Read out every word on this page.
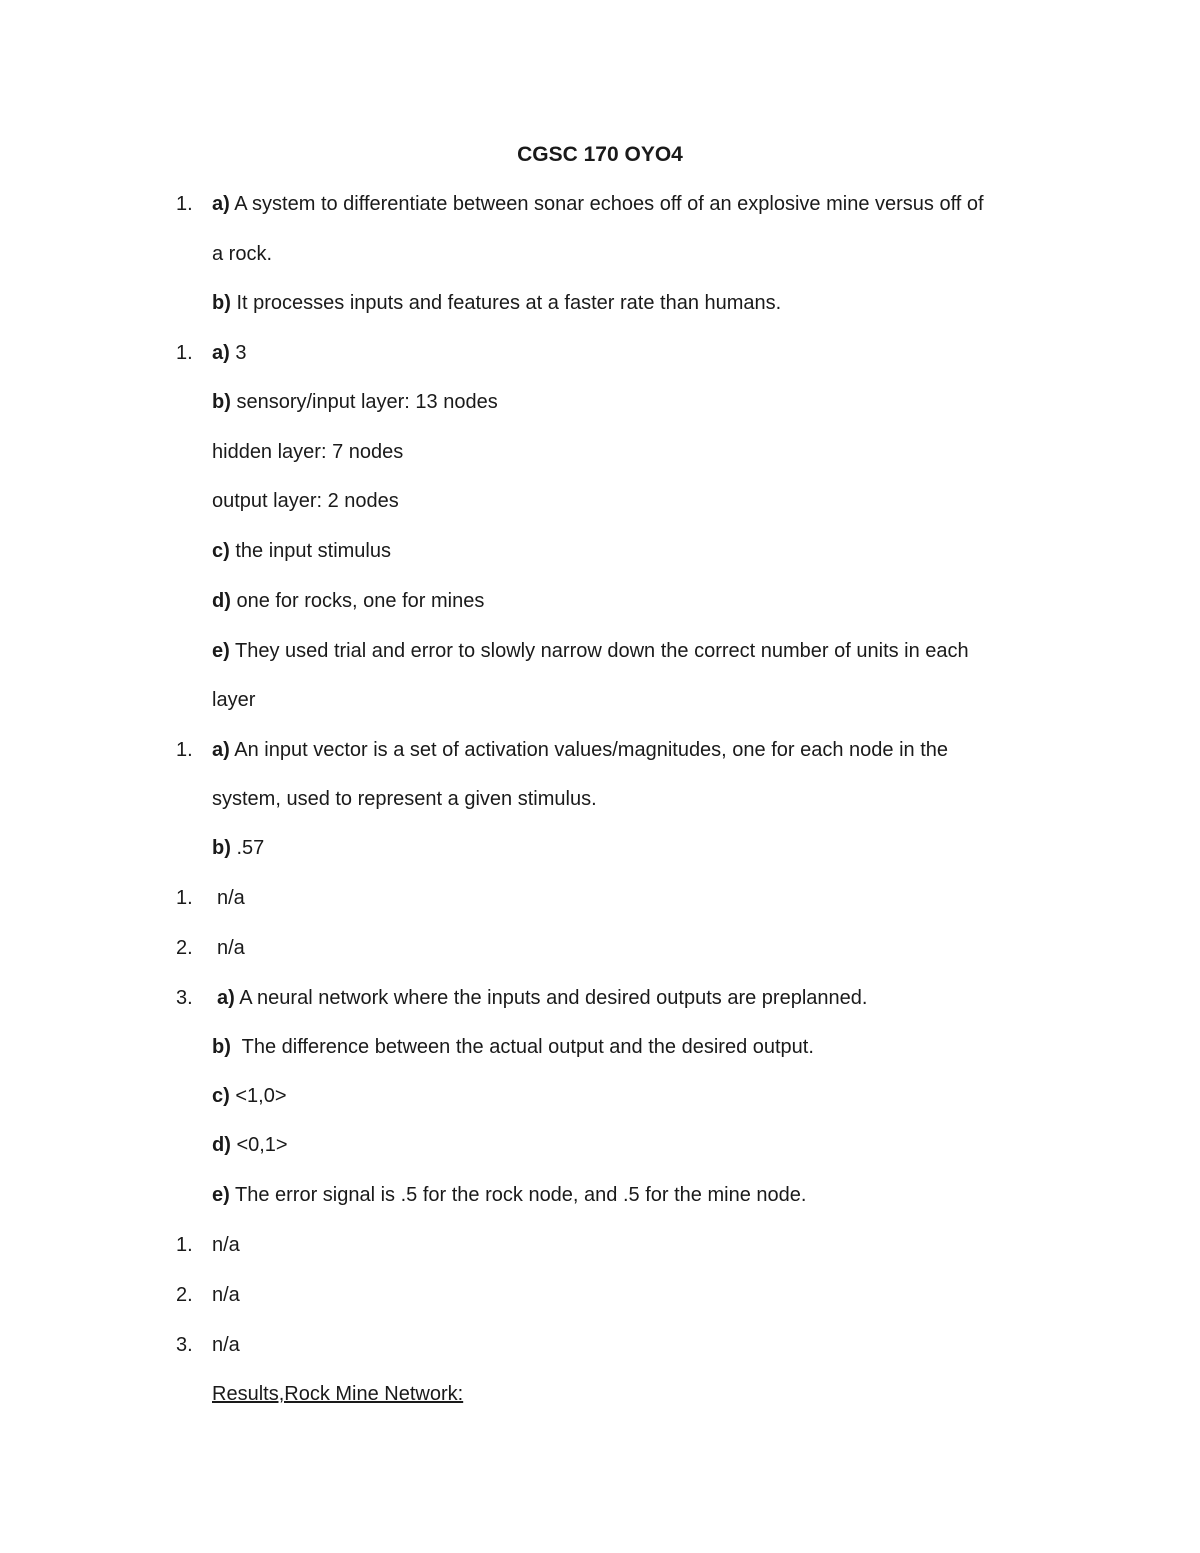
CGSC 170 OYO4
1. a) A system to differentiate between sonar echoes off of an explosive mine versus off of
a rock.
b) It processes inputs and features at a faster rate than humans.
1. a) 3
b) sensory/input layer: 13 nodes
hidden layer: 7 nodes
output layer: 2 nodes
c) the input stimulus
d) one for rocks, one for mines
e) They used trial and error to slowly narrow down the correct number of units in each
layer
1. a) An input vector is a set of activation values/magnitudes, one for each node in the
system, used to represent a given stimulus.
b) .57
1. n/a
2. n/a
3. a) A neural network where the inputs and desired outputs are preplanned.
b)  The difference between the actual output and the desired output.
c) <1,0>
d) <0,1>
e) The error signal is .5 for the rock node, and .5 for the mine node.
1. n/a
2. n/a
3. n/a
Results,Rock Mine Network:
